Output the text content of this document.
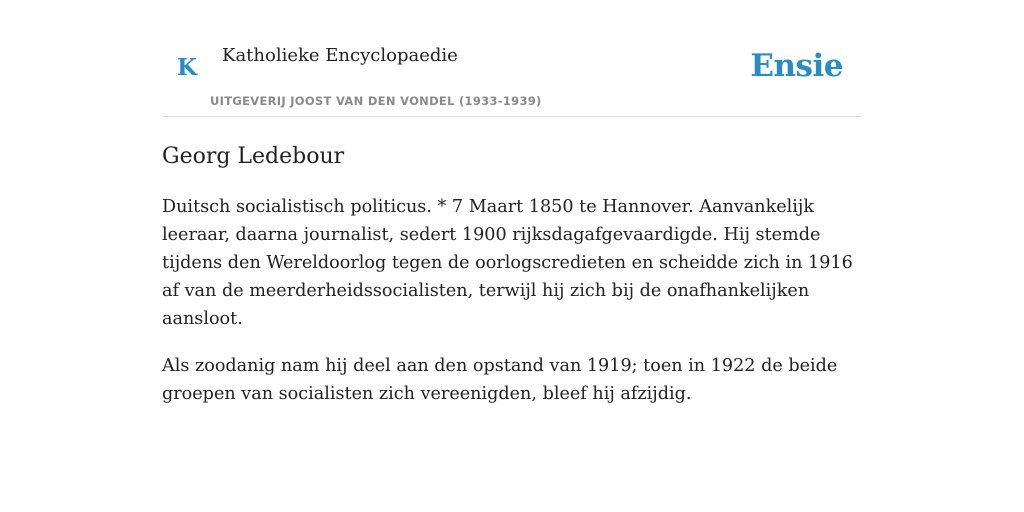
K Katholieke Encyclopaedie
UITGEVERIJ JOOST VAN DEN VONDEL (1933-1939)
Ensie
Georg Ledebour

Duitsch socialistisch politicus. * 7 Maart 1850 te Hannover. Aanvankelijk leeraar, daarna journalist, sedert 1900 rijksdagafgevaardigde. Hij stemde tijdens den Wereldoorlog tegen de oorlogscredieten en scheidde zich in 1916 af van de meerderheidssocialisten, terwijl hij zich bij de onafhankelijken aansloot.

Als zoodanig nam hij deel aan den opstand van 1919; toen in 1922 de beide groepen van socialisten zich vereenigden, bleef hij afzijdig.
